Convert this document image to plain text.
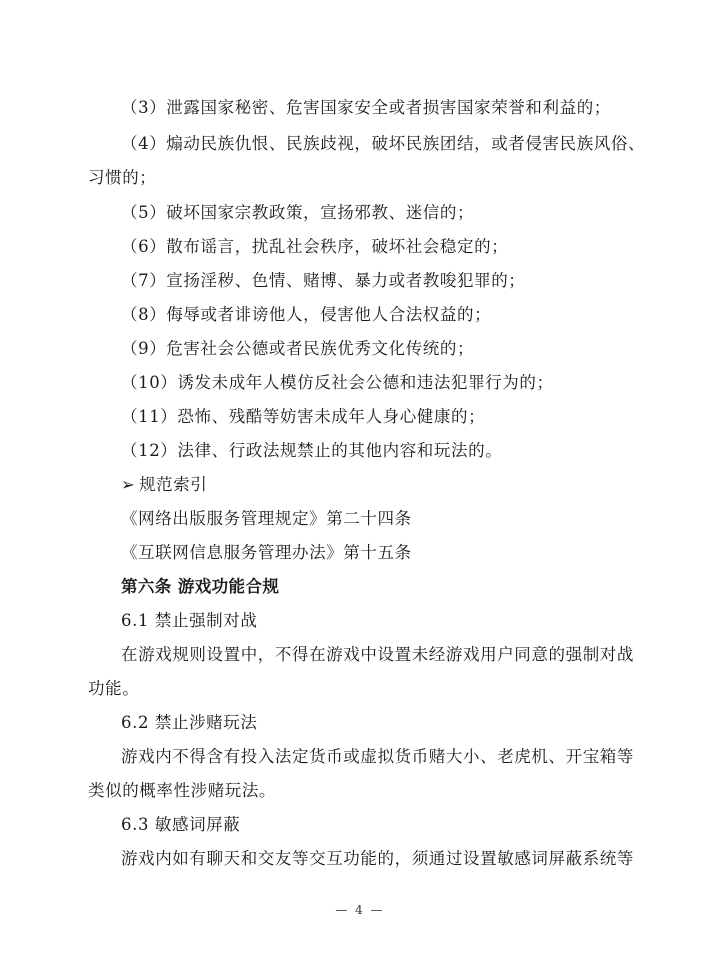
（3）泄露国家秘密、危害国家安全或者损害国家荣誉和利益的；
（4）煽动民族仇恨、民族歧视，破坏民族团结，或者侵害民族风俗、
习惯的；
（5）破坏国家宗教政策，宣扬邪教、迷信的；
（6）散布谣言，扰乱社会秩序，破坏社会稳定的；
（7）宣扬淫秽、色情、赌博、暴力或者教唆犯罪的；
（8）侮辱或者诽谤他人，侵害他人合法权益的；
（9）危害社会公德或者民族优秀文化传统的；
（10）诱发未成年人模仿反社会公德和违法犯罪行为的；
（11）恐怖、残酷等妨害未成年人身心健康的；
（12）法律、行政法规禁止的其他内容和玩法的。
➢ 规范索引
《网络出版服务管理规定》第二十四条
《互联网信息服务管理办法》第十五条
第六条 游戏功能合规
6.1 禁止强制对战
在游戏规则设置中，不得在游戏中设置未经游戏用户同意的强制对战
功能。
6.2 禁止涉赌玩法
游戏内不得含有投入法定货币或虚拟货币赌大小、老虎机、开宝箱等
类似的概率性涉赌玩法。
6.3 敏感词屏蔽
游戏内如有聊天和交友等交互功能的，须通过设置敏感词屏蔽系统等
— 4 —
